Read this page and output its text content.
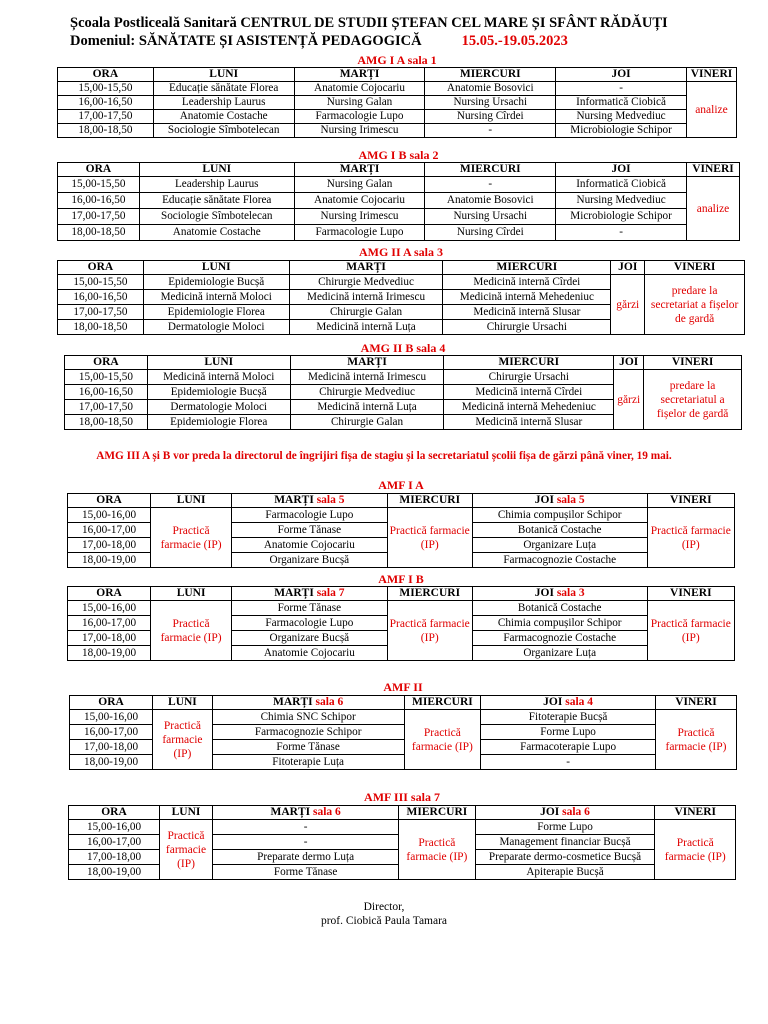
Școala Postliceală Sanitară CENTRUL DE STUDII ȘTEFAN CEL MARE ȘI SFÂNT RĂDĂUȚI
Domeniul: SĂNĂTATE ȘI ASISTENȚĂ PEDAGOGICĂ	15.05.-19.05.2023
AMG I A sala 1
ORA	LUNI	MARȚI	MIERCURI	JOI	VINERI
15,00-15,50	Educație sănătate Florea	Anatomie Cojocariu	Anatomie Bosovici	-	analize
16,00-16,50	Leadership Laurus	Nursing Galan	Nursing Ursachi	Informatică Ciobică	
17,00-17,50	Anatomie Costache	Farmacologie Lupo	Nursing Cîrdei	Nursing Medvediuc	
18,00-18,50	Sociologie Sîmbotelecan	Nursing Irimescu	-	Microbiologie Schipor	
AMG I B sala 2
ORA	LUNI	MARȚI	MIERCURI	JOI	VINERI
15,00-15,50	Leadership Laurus	Nursing Galan	-	Informatică Ciobică	analize
16,00-16,50	Educație sănătate Florea	Anatomie Cojocariu	Anatomie Bosovici	Nursing Medvediuc	
17,00-17,50	Sociologie Sîmbotelecan	Nursing Irimescu	Nursing Ursachi	Microbiologie Schipor	
18,00-18,50	Anatomie Costache	Farmacologie Lupo	Nursing Cîrdei	-	
AMG II A sala 3
ORA	LUNI	MARȚI	MIERCURI	JOI	VINERI
15,00-15,50	Epidemiologie Bucșă	Chirurgie Medvediuc	Medicină internă Cîrdei	gărzi	predare la secretariat a fișelor de gardă
16,00-16,50	Medicină internă Moloci	Medicină internă Irimescu	Medicină internă Mehedeniuc		
17,00-17,50	Epidemiologie Florea	Chirurgie Galan	Medicină internă Slusar		
18,00-18,50	Dermatologie Moloci	Medicină internă Luța	Chirurgie Ursachi		
AMG II B sala 4
ORA	LUNI	MARȚI	MIERCURI	JOI	VINERI
15,00-15,50	Medicină internă Moloci	Medicină internă Irimescu	Chirurgie Ursachi	gărzi	predare la secretariatul a fișelor de gardă
16,00-16,50	Epidemiologie Bucșă	Chirurgie Medvediuc	Medicină internă Cîrdei		
17,00-17,50	Dermatologie Moloci	Medicină internă Luța	Medicină internă Mehedeniuc		
18,00-18,50	Epidemiologie Florea	Chirurgie Galan	Medicină internă Slusar		
AMG III A și B vor preda la directorul de îngrijiri fișa de stagiu și la secretariatul școlii fișa de gărzi până viner, 19 mai.
AMF I A
ORA	LUNI	MARȚI sala 5	MIERCURI	JOI sala 5	VINERI
15,00-16,00	Practică farmacie (IP)	Farmacologie Lupo	Practică farmacie (IP)	Chimia compușilor Schipor	Practică farmacie (IP)
16,00-17,00		Forme Tănase		Botanică Costache	
17,00-18,00		Anatomie Cojocariu		Organizare Luța	
18,00-19,00		Organizare Bucșă		Farmacognozie Costache	
AMF I B
ORA	LUNI	MARȚI sala 7	MIERCURI	JOI sala 3	VINERI
15,00-16,00	Practică farmacie (IP)	Forme Tănase	Practică farmacie (IP)	Botanică Costache	Practică farmacie (IP)
16,00-17,00		Farmacologie Lupo		Chimia compușilor Schipor	
17,00-18,00		Organizare Bucșă		Farmacognozie Costache	
18,00-19,00		Anatomie Cojocariu		Organizare Luța	
AMF II
ORA	LUNI	MARȚI sala 6	MIERCURI	JOI sala 4	VINERI
15,00-16,00	Practică farmacie (IP)	Chimia SNC Schipor	Practică farmacie (IP)	Fitoterapie Bucșă	Practică farmacie (IP)
16,00-17,00		Farmacognozie Schipor		Forme Lupo	
17,00-18,00		Forme Tănase		Farmacoterapie Lupo	
18,00-19,00		Fitoterapie Luța		-	
AMF III sala 7
ORA	LUNI	MARȚI sala 6	MIERCURI	JOI sala 6	VINERI
15,00-16,00	Practică farmacie (IP)	-	Practică farmacie (IP)	Forme Lupo	Practică farmacie (IP)
16,00-17,00		-		Management financiar Bucșă	
17,00-18,00		Preparate dermo Luța		Preparate dermo-cosmetice Bucșă	
18,00-19,00		Forme Tănase		Apiterapie Bucșă	
Director,
prof. Ciobică Paula Tamara
